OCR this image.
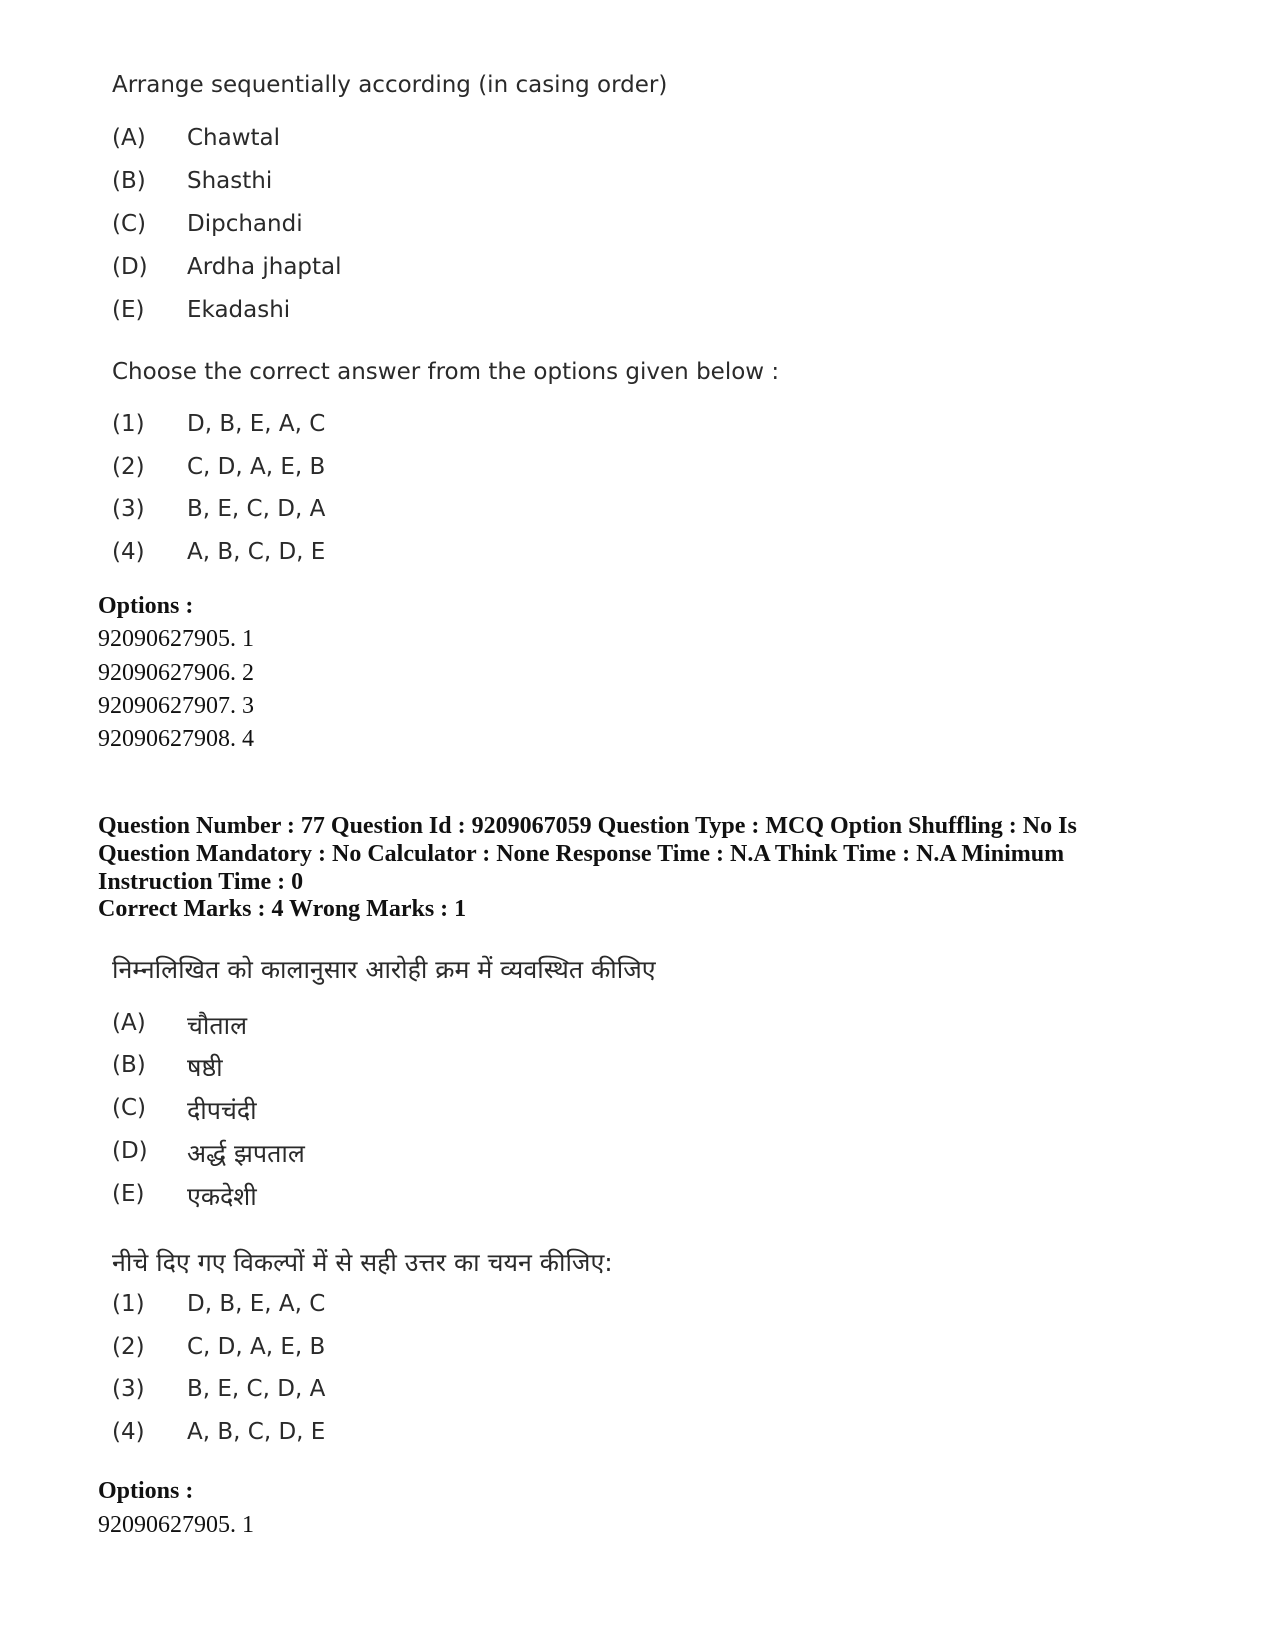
Arrange sequentially according (in casing order)
(A) Chawtal
(B) Shasthi
(C) Dipchandi
(D) Ardha jhaptal
(E) Ekadashi
Choose the correct answer from the options given below :
(1) D, B, E, A, C
(2) C, D, A, E, B
(3) B, E, C, D, A
(4) A, B, C, D, E
Options :
92090627905. 1
92090627906. 2
92090627907. 3
92090627908. 4
Question Number : 77 Question Id : 9209067059 Question Type : MCQ Option Shuffling : No Is
Question Mandatory : No Calculator : None Response Time : N.A Think Time : N.A Minimum
Instruction Time : 0
Correct Marks : 4 Wrong Marks : 1
निम्नलिखित को कालानुसार आरोही क्रम में व्यवस्थित कीजिए
(A) चौताल
(B) षष्ठी
(C) दीपचंदी
(D) अर्द्ध झपताल
(E) एकदेशी
नीचे दिए गए विकल्पों में से सही उत्तर का चयन कीजिए:
(1) D, B, E, A, C
(2) C, D, A, E, B
(3) B, E, C, D, A
(4) A, B, C, D, E
Options :
92090627905. 1
